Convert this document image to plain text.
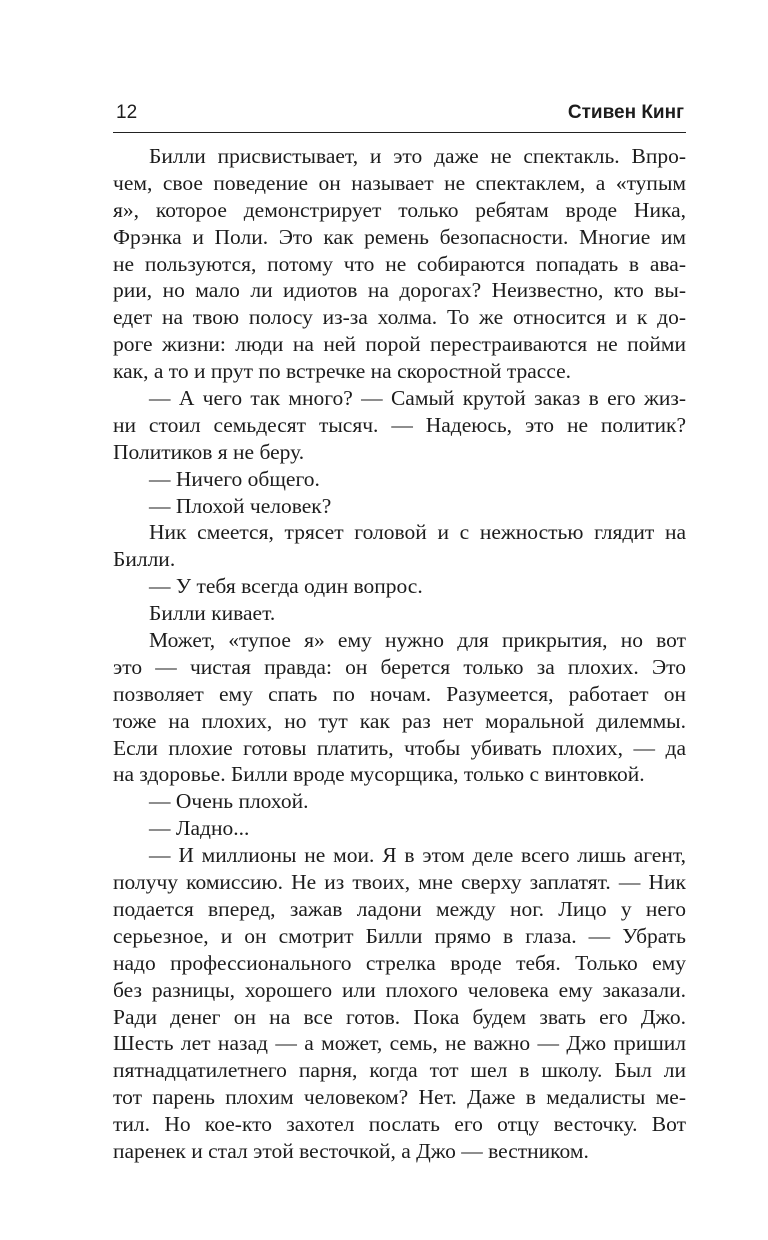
12	Стивен Кинг
Билли присвистывает, и это даже не спектакль. Впро-
чем, свое поведение он называет не спектаклем, а «тупым
я», которое демонстрирует только ребятам вроде Ника,
Фрэнка и Поли. Это как ремень безопасности. Многие им
не пользуются, потому что не собираются попадать в ава-
рии, но мало ли идиотов на дорогах? Неизвестно, кто вы-
едет на твою полосу из-за холма. То же относится и к до-
роге жизни: люди на ней порой перестраиваются не пойми
как, а то и прут по встречке на скоростной трассе.
— А чего так много? — Самый крутой заказ в его жиз-
ни стоил семьдесят тысяч. — Надеюсь, это не политик?
Политиков я не беру.
— Ничего общего.
— Плохой человек?
Ник смеется, трясет головой и с нежностью глядит на
Билли.
— У тебя всегда один вопрос.
Билли кивает.
Может, «тупое я» ему нужно для прикрытия, но вот
это — чистая правда: он берется только за плохих. Это
позволяет ему спать по ночам. Разумеется, работает он
тоже на плохих, но тут как раз нет моральной дилеммы.
Если плохие готовы платить, чтобы убивать плохих, — да
на здоровье. Билли вроде мусорщика, только с винтовкой.
— Очень плохой.
— Ладно...
— И миллионы не мои. Я в этом деле всего лишь агент,
получу комиссию. Не из твоих, мне сверху заплатят. — Ник
подается вперед, зажав ладони между ног. Лицо у него
серьезное, и он смотрит Билли прямо в глаза. — Убрать
надо профессионального стрелка вроде тебя. Только ему
без разницы, хорошего или плохого человека ему заказали.
Ради денег он на все готов. Пока будем звать его Джо.
Шесть лет назад — а может, семь, не важно — Джо пришил
пятнадцатилетнего парня, когда тот шел в школу. Был ли
тот парень плохим человеком? Нет. Даже в медалисты ме-
тил. Но кое-кто захотел послать его отцу весточку. Вот
паренек и стал этой весточкой, а Джо — вестником.
